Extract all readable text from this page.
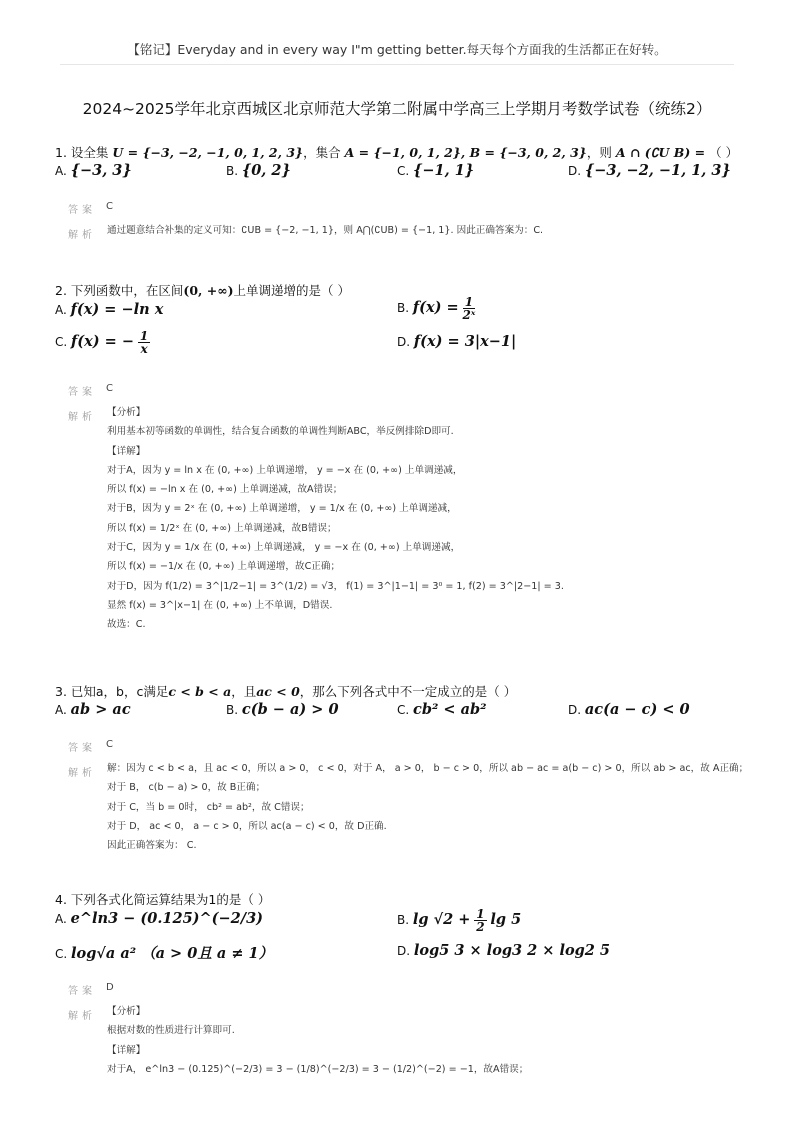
【铭记】Everyday and in every way I"m getting better.每天每个方面我的生活都正在好转。
2024~2025学年北京西城区北京师范大学第二附属中学高三上学期月考数学试卷（统练2）
1. 设全集 U = {−3, −2, −1, 0, 1, 2, 3}，集合 A = {−1, 0, 1, 2}, B = {−3, 0, 2, 3}，则 A ∩ (∁U B) = （ ）
A. {−3, 3}	B. {0, 2}	C. {−1, 1}	D. {−3, −2, −1, 1, 3}
答案 C
解析 通过题意结合补集的定义可知：∁UB = {−2, −1, 1}，则 A⋂(∁UB) = {−1, 1}. 因此正确答案为：C.
2. 下列函数中，在区间(0, +∞)上单调递增的是（ ）
A. f(x) = −ln x	B. $f(x) = \frac{1}{\text{2ˣ}}$
C. f(x) = − $\frac{1}{x}$	D. f(x) = 3|x−1|
答案 C
解析 【分析】
利用基本初等函数的单调性，结合复合函数的单调性判断ABC，举反例排除D即可.
【详解】
对于A，因为 y = ln x 在 (0, +∞) 上单调递增， y = −x 在 (0, +∞) 上单调递减，
所以 f(x) = −ln x 在 (0, +∞) 上单调递减，故A错误；
对于B，因为 y = 2ˣ 在 (0, +∞) 上单调递增， y = 1/x 在 (0, +∞) 上单调递减，
所以 f(x) = 1/2ˣ 在 (0, +∞) 上单调递减，故B错误；
对于C，因为 y = 1/x 在 (0, +∞) 上单调递减， y = −x 在 (0, +∞) 上单调递减，
所以 f(x) = −1/x 在 (0, +∞) 上单调递增，故C正确；
对于D，因为 f(1/2) = 3^|1/2−1| = 3^(1/2) = √3， f(1) = 3^|1−1| = 3⁰ = 1, f(2) = 3^|2−1| = 3.
显然 f(x) = 3^|x−1| 在 (0, +∞) 上不单调，D错误.
故选：C.
3. 已知a，b，c满足c < b < a，且ac < 0，那么下列各式中不一定成立的是（ ）
A. ab > ac	B. c(b − a) > 0	C. cb² < ab²	D. ac(a − c) < 0
答案 C
解析 解：因为 c < b < a，且 ac < 0，所以 a > 0， c < 0，对于 A， a > 0， b − c > 0，所以 ab − ac = a(b − c) > 0，所以 ab > ac，故 A正确；
对于 B， c(b − a) > 0，故 B正确；
对于 C，当 b = 0时， cb² = ab²，故 C错误；
对于 D， ac < 0， a − c > 0，所以 ac(a − c) < 0，故 D正确.
因此正确答案为： C.
4. 下列各式化简运算结果为1的是（ ）
A. e^ln3 − (0.125)^(−2/3)	B. $\lg √2 + \frac{1}{2}$ lg 5
C. log√a a² （a > 0且 a ≠ 1）	D. log5 3 × log3 2 × log2 5
答案 D
解析 【分析】
根据对数的性质进行计算即可.
【详解】
对于A， e^ln3 − (0.125)^(−2/3) = 3 − (1/8)^(−2/3) = 3 − (1/2)^(−2) = −1，故A错误；
